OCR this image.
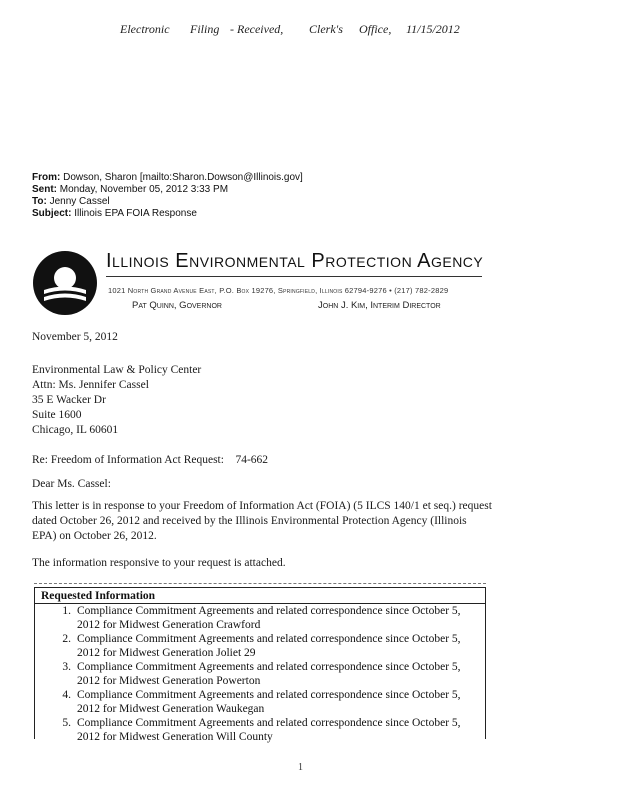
Electronic Filing - Received, Clerk's Office, 11/15/2012
From: Dowson, Sharon [mailto:Sharon.Dowson@Illinois.gov]
Sent: Monday, November 05, 2012 3:33 PM
To: Jenny Cassel
Subject: Illinois EPA FOIA Response
Illinois Environmental Protection Agency
1021 North Grand Avenue East, P.O. Box 19276, Springfield, Illinois 62794-9276 • (217) 782-2829
Pat Quinn, Governor	John J. Kim, Interim Director
November 5, 2012
Environmental Law & Policy Center
Attn: Ms. Jennifer Cassel
35 E Wacker Dr
Suite 1600
Chicago, IL 60601
Re: Freedom of Information Act Request:    74-662
Dear Ms. Cassel:
This letter is in response to your Freedom of Information Act (FOIA) (5 ILCS 140/1 et seq.) request dated October 26, 2012 and received by the Illinois Environmental Protection Agency (Illinois EPA) on October 26, 2012.
The information responsive to your request is attached.
Requested Information
1. Compliance Commitment Agreements and related correspondence since October 5, 2012 for Midwest Generation Crawford
2. Compliance Commitment Agreements and related correspondence since October 5, 2012 for Midwest Generation Joliet 29
3. Compliance Commitment Agreements and related correspondence since October 5, 2012 for Midwest Generation Powerton
4. Compliance Commitment Agreements and related correspondence since October 5, 2012 for Midwest Generation Waukegan
5. Compliance Commitment Agreements and related correspondence since October 5, 2012 for Midwest Generation Will County
1
